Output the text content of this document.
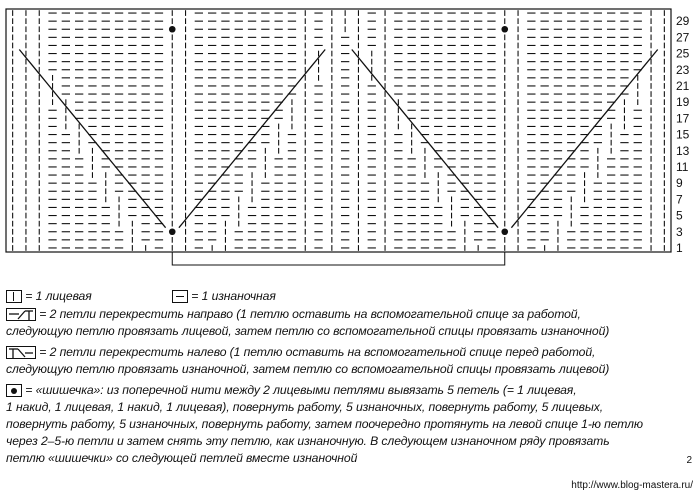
1
3
5
7
9
11
13
15
17
19
21
23
25
27
29
= 1 лицевая	= 1 изнаночная
= 2 петли перекрестить направо (1 петлю оставить на вспомогательной спице за работой,
следующую петлю провязать лицевой, затем петлю со вспомогательной спицы провязать изнаночной)
= 2 петли перекрестить налево (1 петлю оставить на вспомогательной спице перед работой,
следующую петлю провязать изнаночной, затем петлю со вспомогательной спицы провязать лицевой)
= «шишечка»: из поперечной нити между 2 лицевыми петлями вывязать 5 петель (= 1 лицевая,
1 накид, 1 лицевая, 1 накид, 1 лицевая), повернуть работу, 5 изнаночных, повернуть работу, 5 лицевых,
повернуть работу, 5 изнаночных, повернуть работу, затем поочередно протянуть на левой спице 1-ю петлю
через 2–5-ю петли и затем снять эту петлю, как изнаночную. В следующем изнаночном ряду провязать
петлю «шишечки» со следующей петлей вместе изнаночной	2
http://www.blog-mastera.ru/
